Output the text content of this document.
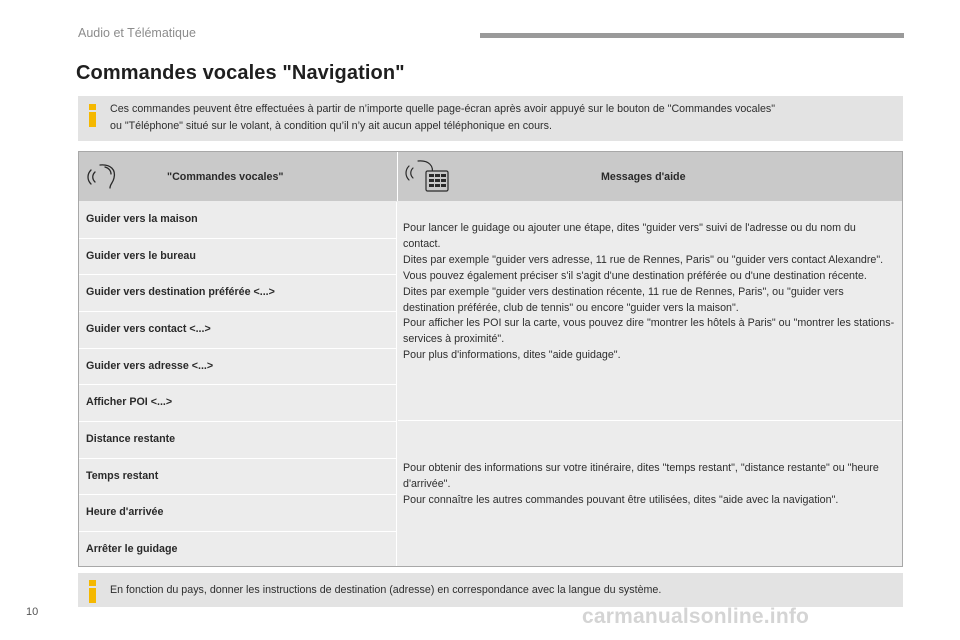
Audio et Télématique
Commandes vocales "Navigation"
Ces commandes peuvent être effectuées à partir de n’importe quelle page-écran après avoir appuyé sur le bouton de "Commandes vocales"
ou "Téléphone" situé sur le volant, à condition qu’il n’y ait aucun appel téléphonique en cours.
"Commandes vocales"	Messages d'aide
Guider vers la maison
Guider vers le bureau
Guider vers destination préférée <...>
Guider vers contact <...>
Guider vers adresse <...>
Afficher POI <...>

Pour lancer le guidage ou ajouter une étape, dites "guider vers" suivi de l'adresse ou du nom du contact.

Dites par exemple "guider vers adresse, 11 rue de Rennes, Paris" ou "guider vers contact Alexandre".

Vous pouvez également préciser s'il s'agit d'une destination préférée ou d'une destination récente.

Dites par exemple "guider vers destination récente, 11 rue de Rennes, Paris", ou "guider vers destination préférée, club de tennis" ou encore "guider vers la maison".

Pour afficher les POI sur la carte, vous pouvez dire "montrer les hôtels à Paris" ou "montrer les stations-services à proximité".

Pour plus d'informations, dites "aide guidage".

Distance restante
Temps restant
Heure d'arrivée
Arrêter le guidage

Pour obtenir des informations sur votre itinéraire, dites "temps restant", "distance restante" ou "heure d'arrivée".

Pour connaître les autres commandes pouvant être utilisées, dites "aide avec la navigation".

En fonction du pays, donner les instructions de destination (adresse) en correspondance avec la langue du système.
10	carmanualsonline.info
